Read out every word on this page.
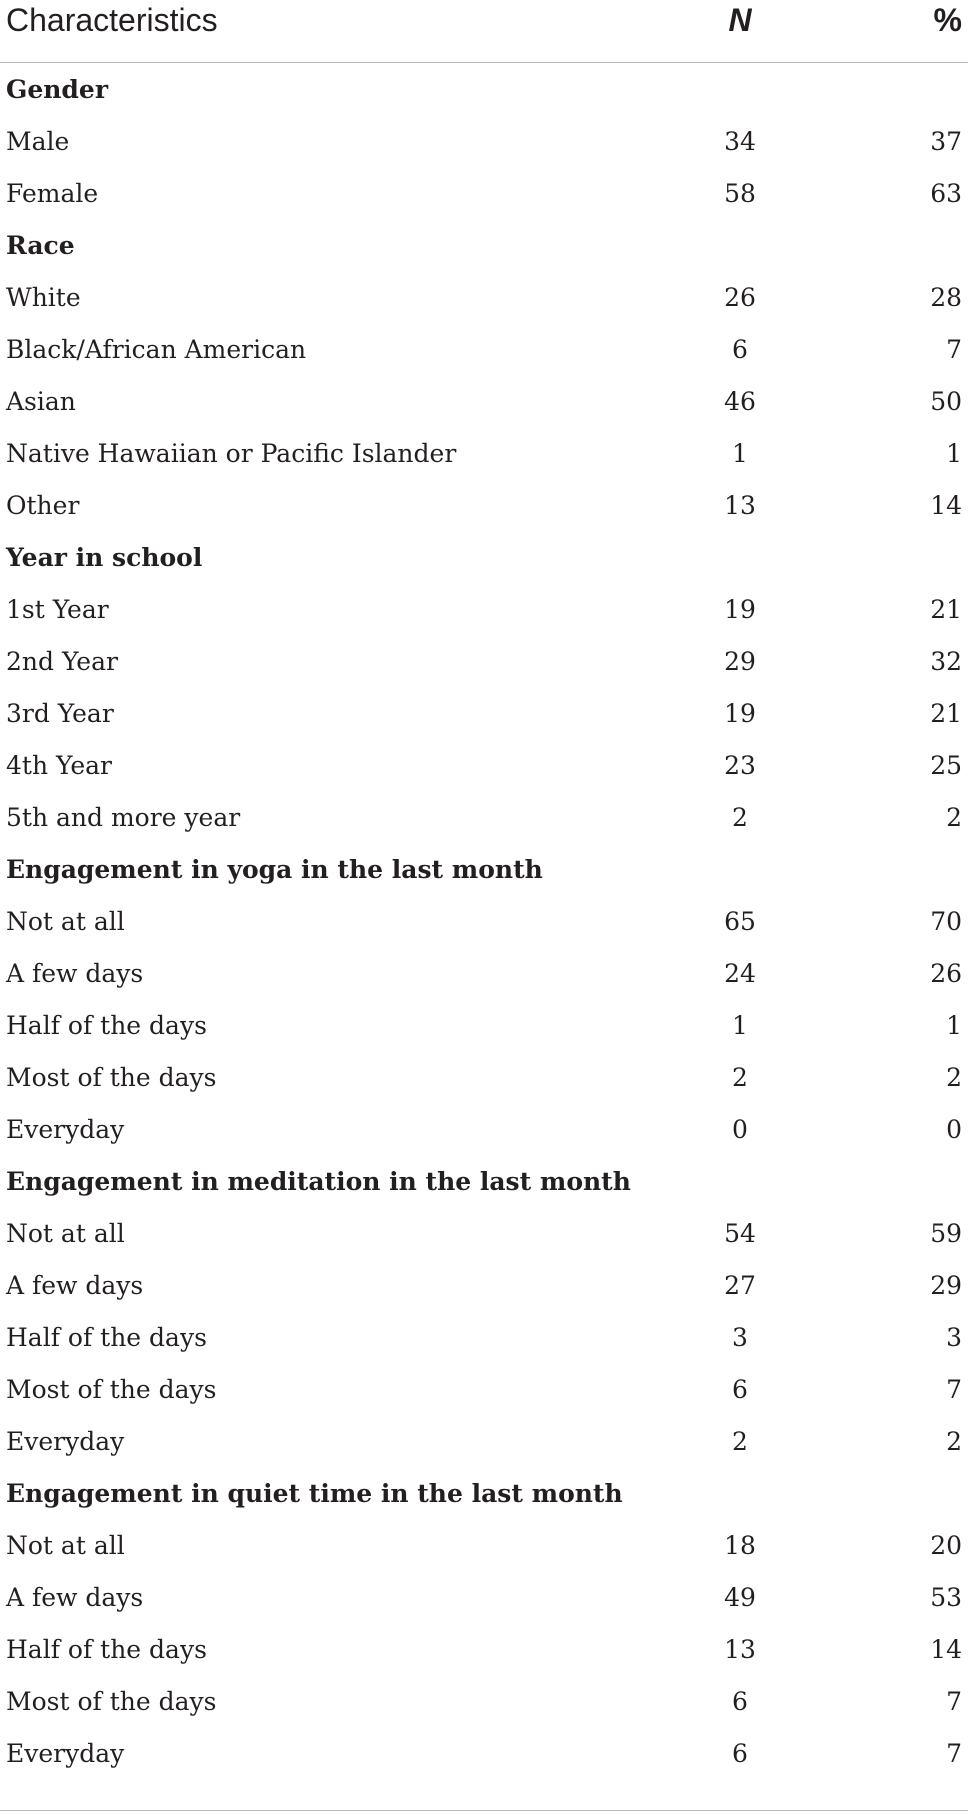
Characteristics	N	%
Gender
Male	34	37
Female	58	63
Race
White	26	28
Black/African American	6	7
Asian	46	50
Native Hawaiian or Pacific Islander	1	1
Other	13	14
Year in school
1st Year	19	21
2nd Year	29	32
3rd Year	19	21
4th Year	23	25
5th and more year	2	2
Engagement in yoga in the last month
Not at all	65	70
A few days	24	26
Half of the days	1	1
Most of the days	2	2
Everyday	0	0
Engagement in meditation in the last month
Not at all	54	59
A few days	27	29
Half of the days	3	3
Most of the days	6	7
Everyday	2	2
Engagement in quiet time in the last month
Not at all	18	20
A few days	49	53
Half of the days	13	14
Most of the days	6	7
Everyday	6	7
